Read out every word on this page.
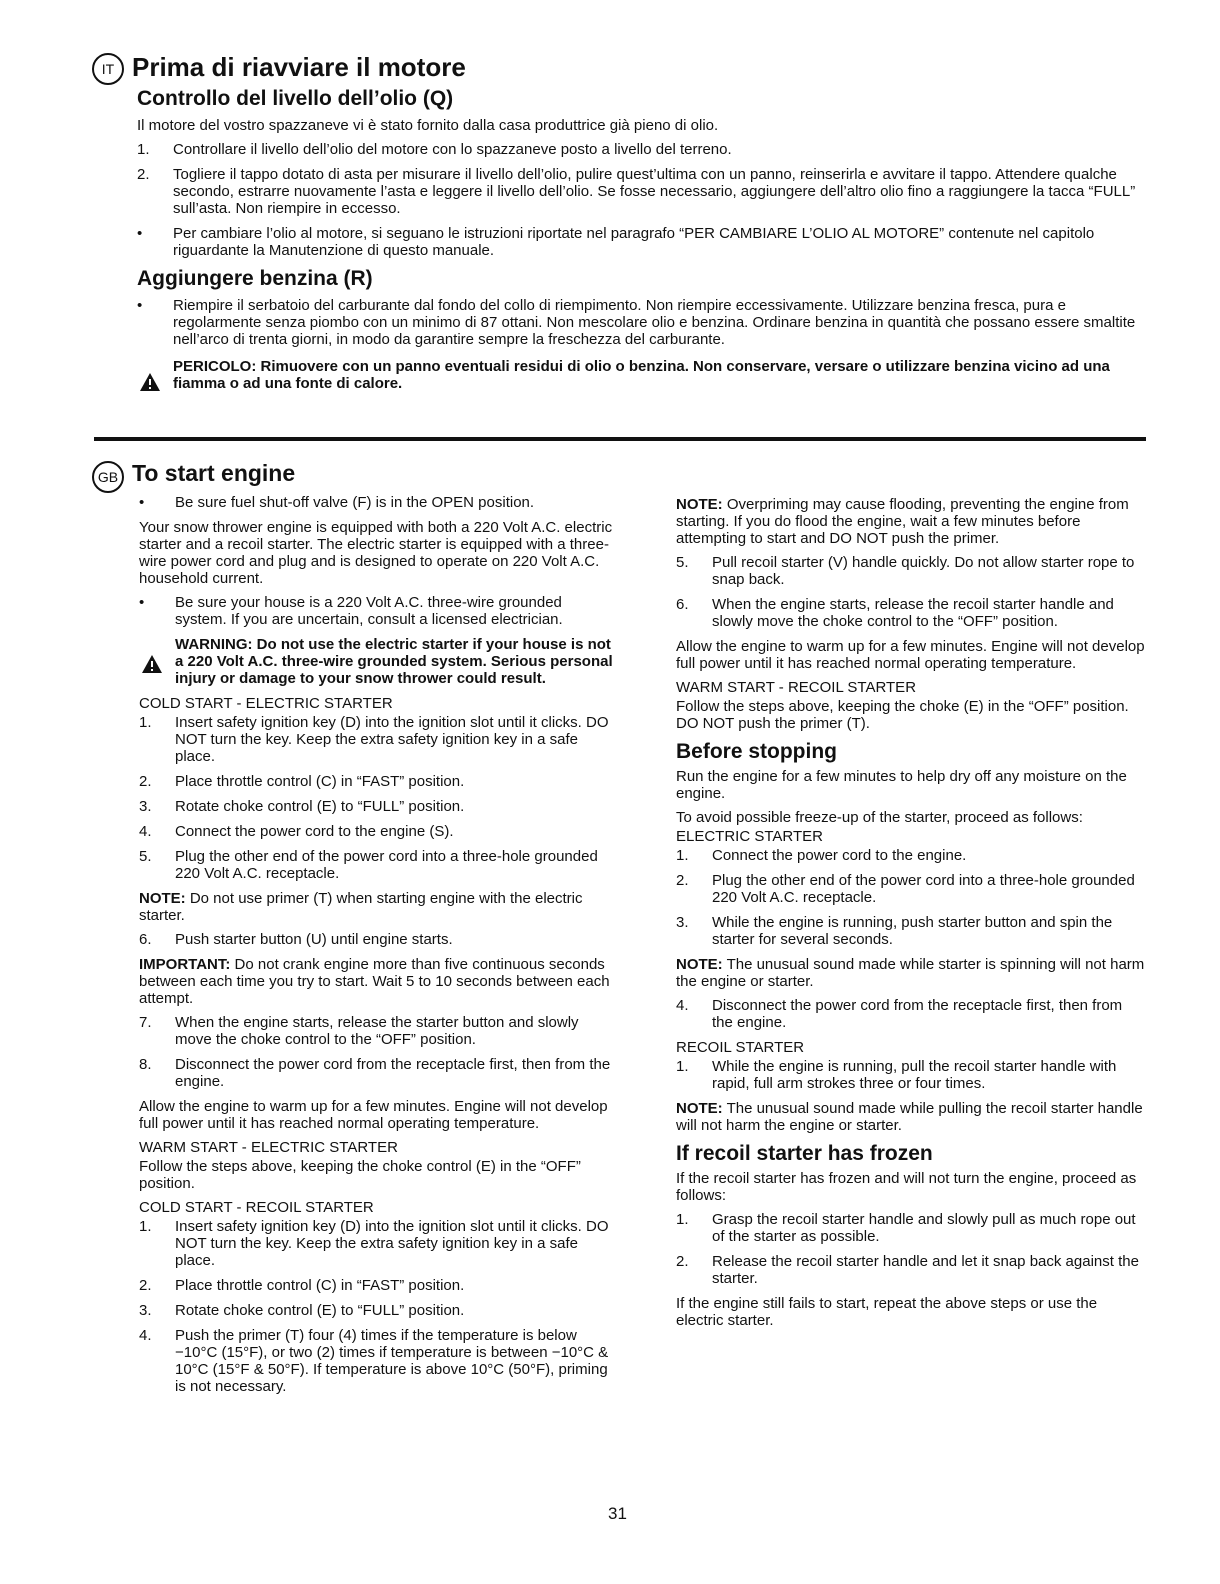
IT Prima di riavviare il motore
Controllo del livello dell’olio (Q)

Il motore del vostro spazzaneve vi è stato fornito dalla casa produttrice già pieno di olio.

1. Controllare il livello dell’olio del motore con lo spazzaneve posto a livello del terreno.
2. Togliere il tappo dotato di asta per misurare il livello dell’olio, pulire quest’ultima con un panno, reinserirla e avvitare il tappo. Attendere qualche secondo, estrarre nuovamente l’asta e leggere il livello dell’olio. Se fosse necessario, aggiungere dell’altro olio fino a raggiungere la tacca “FULL” sull’asta. Non riempire in eccesso.
• Per cambiare l’olio al motore, si seguano le istruzioni riportate nel paragrafo “PER CAMBIARE L’OLIO AL MOTORE” contenute nel capitolo riguardante la Manutenzione di questo manuale.
Aggiungere benzina (R)
• Riempire il serbatoio del carburante dal fondo del collo di riempimento. Non riempire eccessivamente. Utilizzare benzina fresca, pura e regolarmente senza piombo con un minimo di 87 ottani. Non mescolare olio e benzina. Ordinare benzina in quantità che possano essere smaltite nell’arco di trenta giorni, in modo da garantire sempre la freschezza del carburante.
PERICOLO: Rimuovere con un panno eventuali residui di olio o benzina. Non conservare, versare o utilizzare benzina vicino ad una fiamma o ad una fonte di calore.
GB To start engine
• Be sure fuel shut-off valve (F) is in the OPEN position.

Your snow thrower engine is equipped with both a 220 Volt A.C. electric starter and a recoil starter. The electric starter is equipped with a three-wire power cord and plug and is designed to operate on 220 Volt A.C. household current.

• Be sure your house is a 220 Volt A.C. three-wire grounded system. If you are uncertain, consult a licensed electrician.
WARNING: Do not use the electric starter if your house is not a 220 Volt A.C. three-wire grounded system. Serious personal injury or damage to your snow thrower could result.
COLD START - ELECTRIC STARTER
1. Insert safety ignition key (D) into the ignition slot until it clicks. DO NOT turn the key. Keep the extra safety ignition key in a safe place.
2. Place throttle control (C) in “FAST” position.
3. Rotate choke control (E) to “FULL” position.
4. Connect the power cord to the engine (S).
5. Plug the other end of the power cord into a three-hole grounded 220 Volt A.C. receptacle.

NOTE: Do not use primer (T) when starting engine with the electric starter.

6. Push starter button (U) until engine starts.

IMPORTANT: Do not crank engine more than five continuous seconds between each time you try to start. Wait 5 to 10 seconds between each attempt.

7. When the engine starts, release the starter button and slowly move the choke control to the “OFF” position.
8. Disconnect the power cord from the receptacle first, then from the engine.

Allow the engine to warm up for a few minutes. Engine will not develop full power until it has reached normal operating temperature.

WARM START - ELECTRIC STARTER

Follow the steps above, keeping the choke control (E) in the “OFF” position.

COLD START - RECOIL STARTER
1. Insert safety ignition key (D) into the ignition slot until it clicks. DO NOT turn the key. Keep the extra safety ignition key in a safe place.
2. Place throttle control (C) in “FAST” position.
3. Rotate choke control (E) to “FULL” position.
4. Push the primer (T) four (4) times if the temperature is below −10°C (15°F), or two (2) times if temperature is between −10°C & 10°C (15°F & 50°F). If temperature is above 10°C (50°F), priming is not necessary.

NOTE: Overpriming may cause flooding, preventing the engine from starting. If you do flood the engine, wait a few minutes before attempting to start and DO NOT push the primer.

5. Pull recoil starter (V) handle quickly. Do not allow starter rope to snap back.
6. When the engine starts, release the recoil starter handle and slowly move the choke control to the “OFF” position.

Allow the engine to warm up for a few minutes. Engine will not develop full power until it has reached normal operating temperature.

WARM START - RECOIL STARTER

Follow the steps above, keeping the choke (E) in the “OFF” position. DO NOT push the primer (T).

Before stopping

Run the engine for a few minutes to help dry off any moisture on the engine.

To avoid possible freeze-up of the starter, proceed as follows:

ELECTRIC STARTER
1. Connect the power cord to the engine.
2. Plug the other end of the power cord into a three-hole grounded 220 Volt A.C. receptacle.
3. While the engine is running, push starter button and spin the starter for several seconds.

NOTE: The unusual sound made while starter is spinning will not harm the engine or starter.

4. Disconnect the power cord from the receptacle first, then from the engine.
RECOIL STARTER
1. While the engine is running, pull the recoil starter handle with rapid, full arm strokes three or four times.

NOTE: The unusual sound made while pulling the recoil starter handle will not harm the engine or starter.

If recoil starter has frozen

If the recoil starter has frozen and will not turn the engine, proceed as follows:

1. Grasp the recoil starter handle and slowly pull as much rope out of the starter as possible.
2. Release the recoil starter handle and let it snap back against the starter.

If the engine still fails to start, repeat the above steps or use the electric starter.

31
